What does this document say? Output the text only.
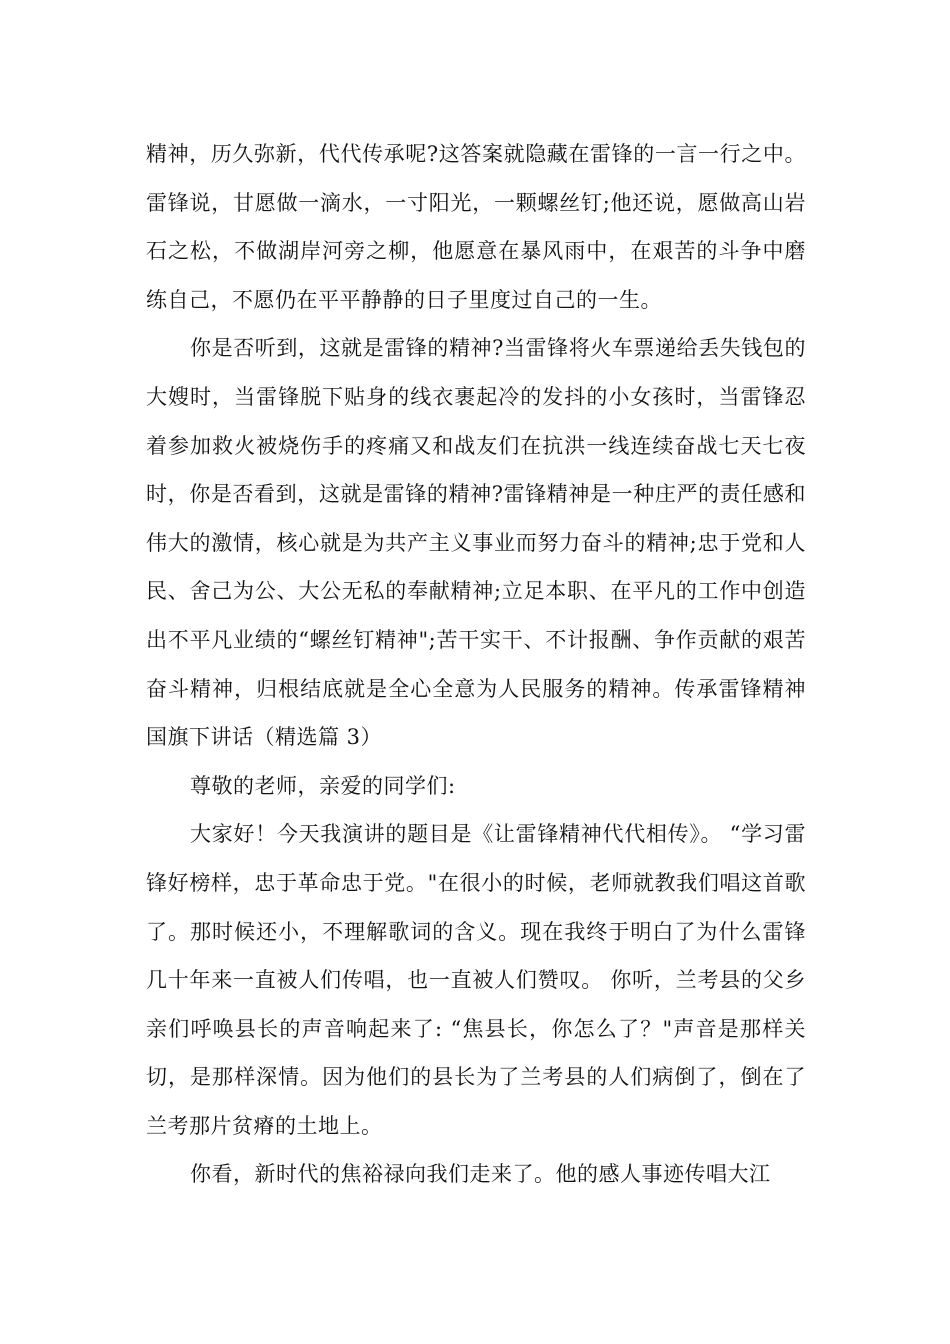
精神，历久弥新，代代传承呢?这答案就隐藏在雷锋的一言一行之中。雷锋说，甘愿做一滴水，一寸阳光，一颗螺丝钉;他还说，愿做高山岩石之松，不做湖岸河旁之柳，他愿意在暴风雨中，在艰苦的斗争中磨练自己，不愿仍在平平静静的日子里度过自己的一生。

你是否听到，这就是雷锋的精神?当雷锋将火车票递给丢失钱包的大嫂时，当雷锋脱下贴身的线衣裹起冷的发抖的小女孩时，当雷锋忍着参加救火被烧伤手的疼痛又和战友们在抗洪一线连续奋战七天七夜时，你是否看到，这就是雷锋的精神?雷锋精神是一种庄严的责任感和伟大的激情，核心就是为共产主义事业而努力奋斗的精神;忠于党和人民、舍己为公、大公无私的奉献精神;立足本职、在平凡的工作中创造出不平凡业绩的“螺丝钉精神";苦干实干、不计报酬、争作贡献的艰苦奋斗精神，归根结底就是全心全意为人民服务的精神。传承雷锋精神国旗下讲话（精选篇 3）

尊敬的老师，亲爱的同学们:

大家好！今天我演讲的题目是《让雷锋精神代代相传》。 “学习雷锋好榜样，忠于革命忠于党。"在很小的时候，老师就教我们唱这首歌了。那时候还小，不理解歌词的含义。现在我终于明白了为什么雷锋几十年来一直被人们传唱，也一直被人们赞叹。 你听，兰考县的父乡亲们呼唤县长的声音响起来了: “焦县长，你怎么了？"声音是那样关切，是那样深情。因为他们的县长为了兰考县的人们病倒了，倒在了兰考那片贫瘠的土地上。

你看，新时代的焦裕禄向我们走来了。他的感人事迹传唱大江
